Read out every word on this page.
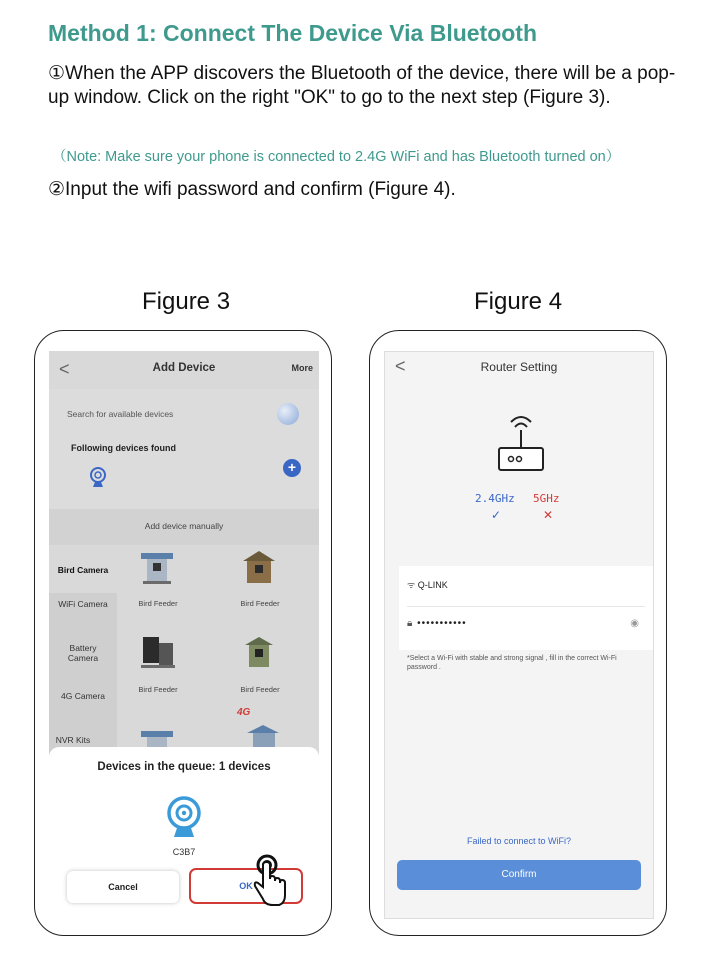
Method 1: Connect The Device Via Bluetooth
①When the APP discovers the Bluetooth of the device, there will be a pop-up window. Click on the right "OK" to go to the next step (Figure 3).
（Note: Make sure your phone is connected to 2.4G WiFi and has Bluetooth turned on）
②Input the wifi password and confirm (Figure 4).
Figure 3	Figure 4
<	Add Device	More
Search for available devices
Following devices found
+
Add device manually
Bird Camera
WiFi Camera
Battery Camera
4G Camera
NVR Kits
Bird Feeder	Bird Feeder
Bird Feeder	Bird Feeder
4G
Devices in the queue: 1 devices
C3B7
Cancel	OK
<	Router Setting
2.4GHz 5GHz
✓	✕
ᯤ Q-LINK
🔒︎ •••••••••••	◉
*Select a Wi-Fi with stable and strong signal , fill in the correct Wi-Fi password .
Failed to connect to WiFi?
Confirm
